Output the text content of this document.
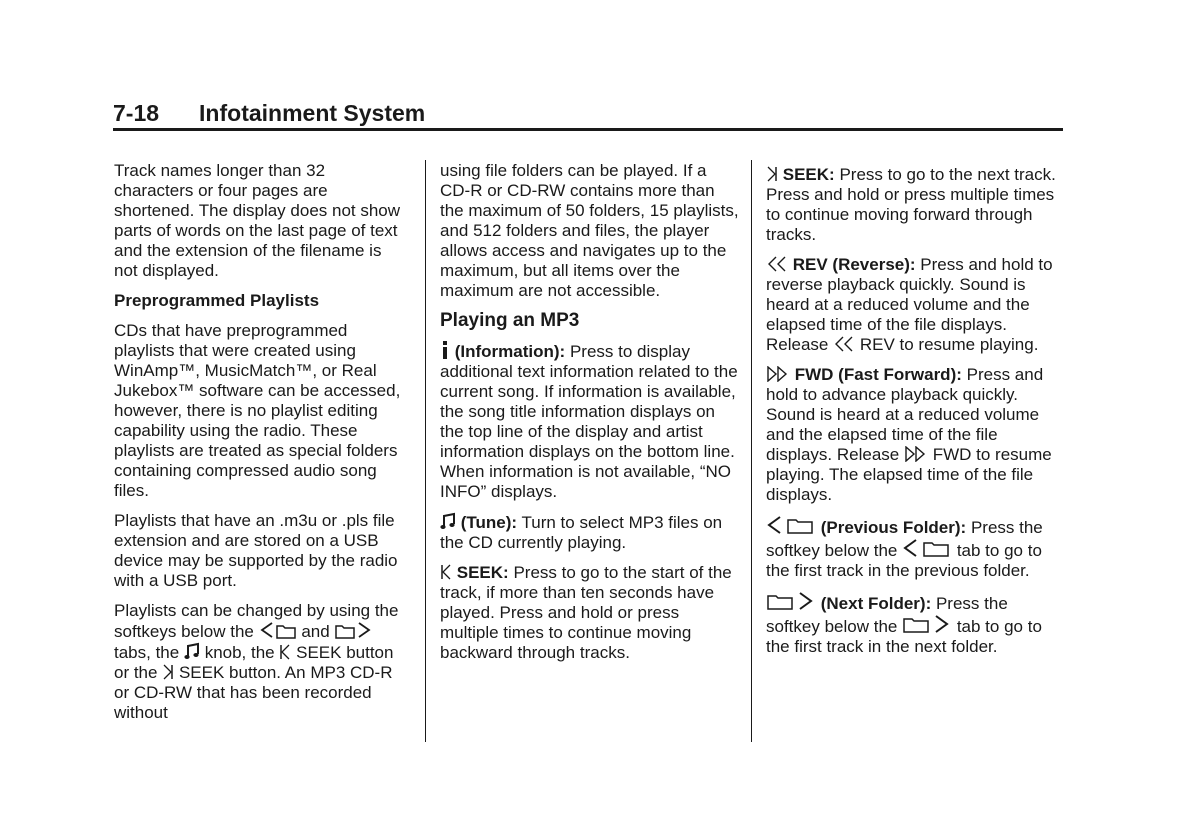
7-18 Infotainment System

Track names longer than 32 characters or four pages are shortened. The display does not show parts of words on the last page of text and the extension of the filename is not displayed.

Preprogrammed Playlists

CDs that have preprogrammed playlists that were created using WinAmp™, MusicMatch™, or Real Jukebox™ software can be accessed, however, there is no playlist editing capability using the radio. These playlists are treated as special folders containing compressed audio song files.

Playlists that have an .m3u or .pls file extension and are stored on a USB device may be supported by the radio with a USB port.

Playlists can be changed by using the softkeys below the	and
tabs, the knob, the SEEK button or the SEEK button. An MP3 CD-R or CD-RW that has been recorded without

using file folders can be played. If a CD-R or CD-RW contains more than the maximum of 50 folders, 15 playlists, and 512 folders and files, the player allows access and navigates up to the maximum, but all items over the maximum are not accessible.

Playing an MP3

(Information): Press to display additional text information related to the current song. If information is available, the song title information displays on the top line of the display and artist information displays on the bottom line. When information is not available, “NO INFO” displays.

(Tune): Turn to select MP3 files on the CD currently playing.

SEEK: Press to go to the start of the track, if more than ten seconds have played. Press and hold or press multiple times to continue moving backward through tracks.

SEEK: Press to go to the next track. Press and hold or press multiple times to continue moving forward through tracks.

REV (Reverse): Press and hold to reverse playback quickly. Sound is heard at a reduced volume and the elapsed time of the file displays. Release REV to resume playing.

FWD (Fast Forward): Press and hold to advance playback quickly. Sound is heard at a reduced volume and the elapsed time of the file displays. Release FWD to resume playing. The elapsed time of the file displays.

(Previous Folder): Press the softkey below the	tab to go to the first track in the previous folder.

(Next Folder): Press the softkey below the	tab to go to the first track in the next folder.
